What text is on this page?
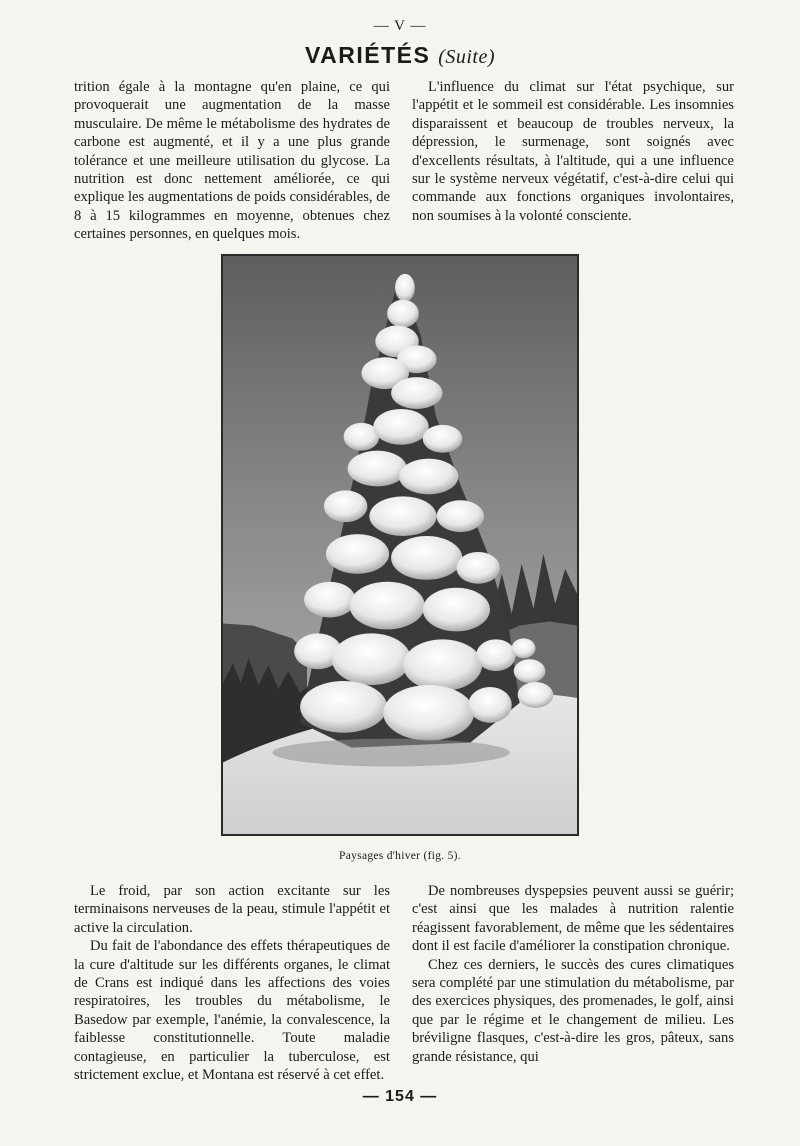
— V —
VARIÉTÉS (Suite)

trition égale à la montagne qu'en plaine, ce qui provoquerait une augmentation de la masse musculaire. De même le métabolisme des hydrates de carbone est augmenté, et il y a une plus grande tolérance et une meilleure utilisation du glycose. La nutrition est donc nettement améliorée, ce qui explique les augmentations de poids considérables, de 8 à 15 kilogrammes en moyenne, obtenues chez certaines personnes, en quelques mois.

L'influence du climat sur l'état psychique, sur l'appétit et le sommeil est considérable. Les insomnies disparaissent et beaucoup de troubles nerveux, la dépression, le surmenage, sont soignés avec d'excellents résultats, à l'altitude, qui a une influence sur le système nerveux végétatif, c'est-à-dire celui qui commande aux fonctions organiques involontaires, non soumises à la volonté consciente.

Paysages d'hiver (fig. 5).

Le froid, par son action excitante sur les terminaisons nerveuses de la peau, stimule l'appétit et active la circulation.

Du fait de l'abondance des effets thérapeutiques de la cure d'altitude sur les différents organes, le climat de Crans est indiqué dans les affections des voies respiratoires, les troubles du métabolisme, le Basedow par exemple, l'anémie, la convalescence, la faiblesse constitutionnelle. Toute maladie contagieuse, en particulier la tuberculose, est strictement exclue, et Montana est réservé à cet effet.

De nombreuses dyspepsies peuvent aussi se guérir; c'est ainsi que les malades à nutrition ralentie réagissent favorablement, de même que les sédentaires dont il est facile d'améliorer la constipation chronique.

Chez ces derniers, le succès des cures climatiques sera complété par une stimulation du métabolisme, par des exercices physiques, des promenades, le golf, ainsi que par le régime et le changement de milieu. Les bréviligne flasques, c'est-à-dire les gros, pâteux, sans grande résistance, qui

— 154 —
